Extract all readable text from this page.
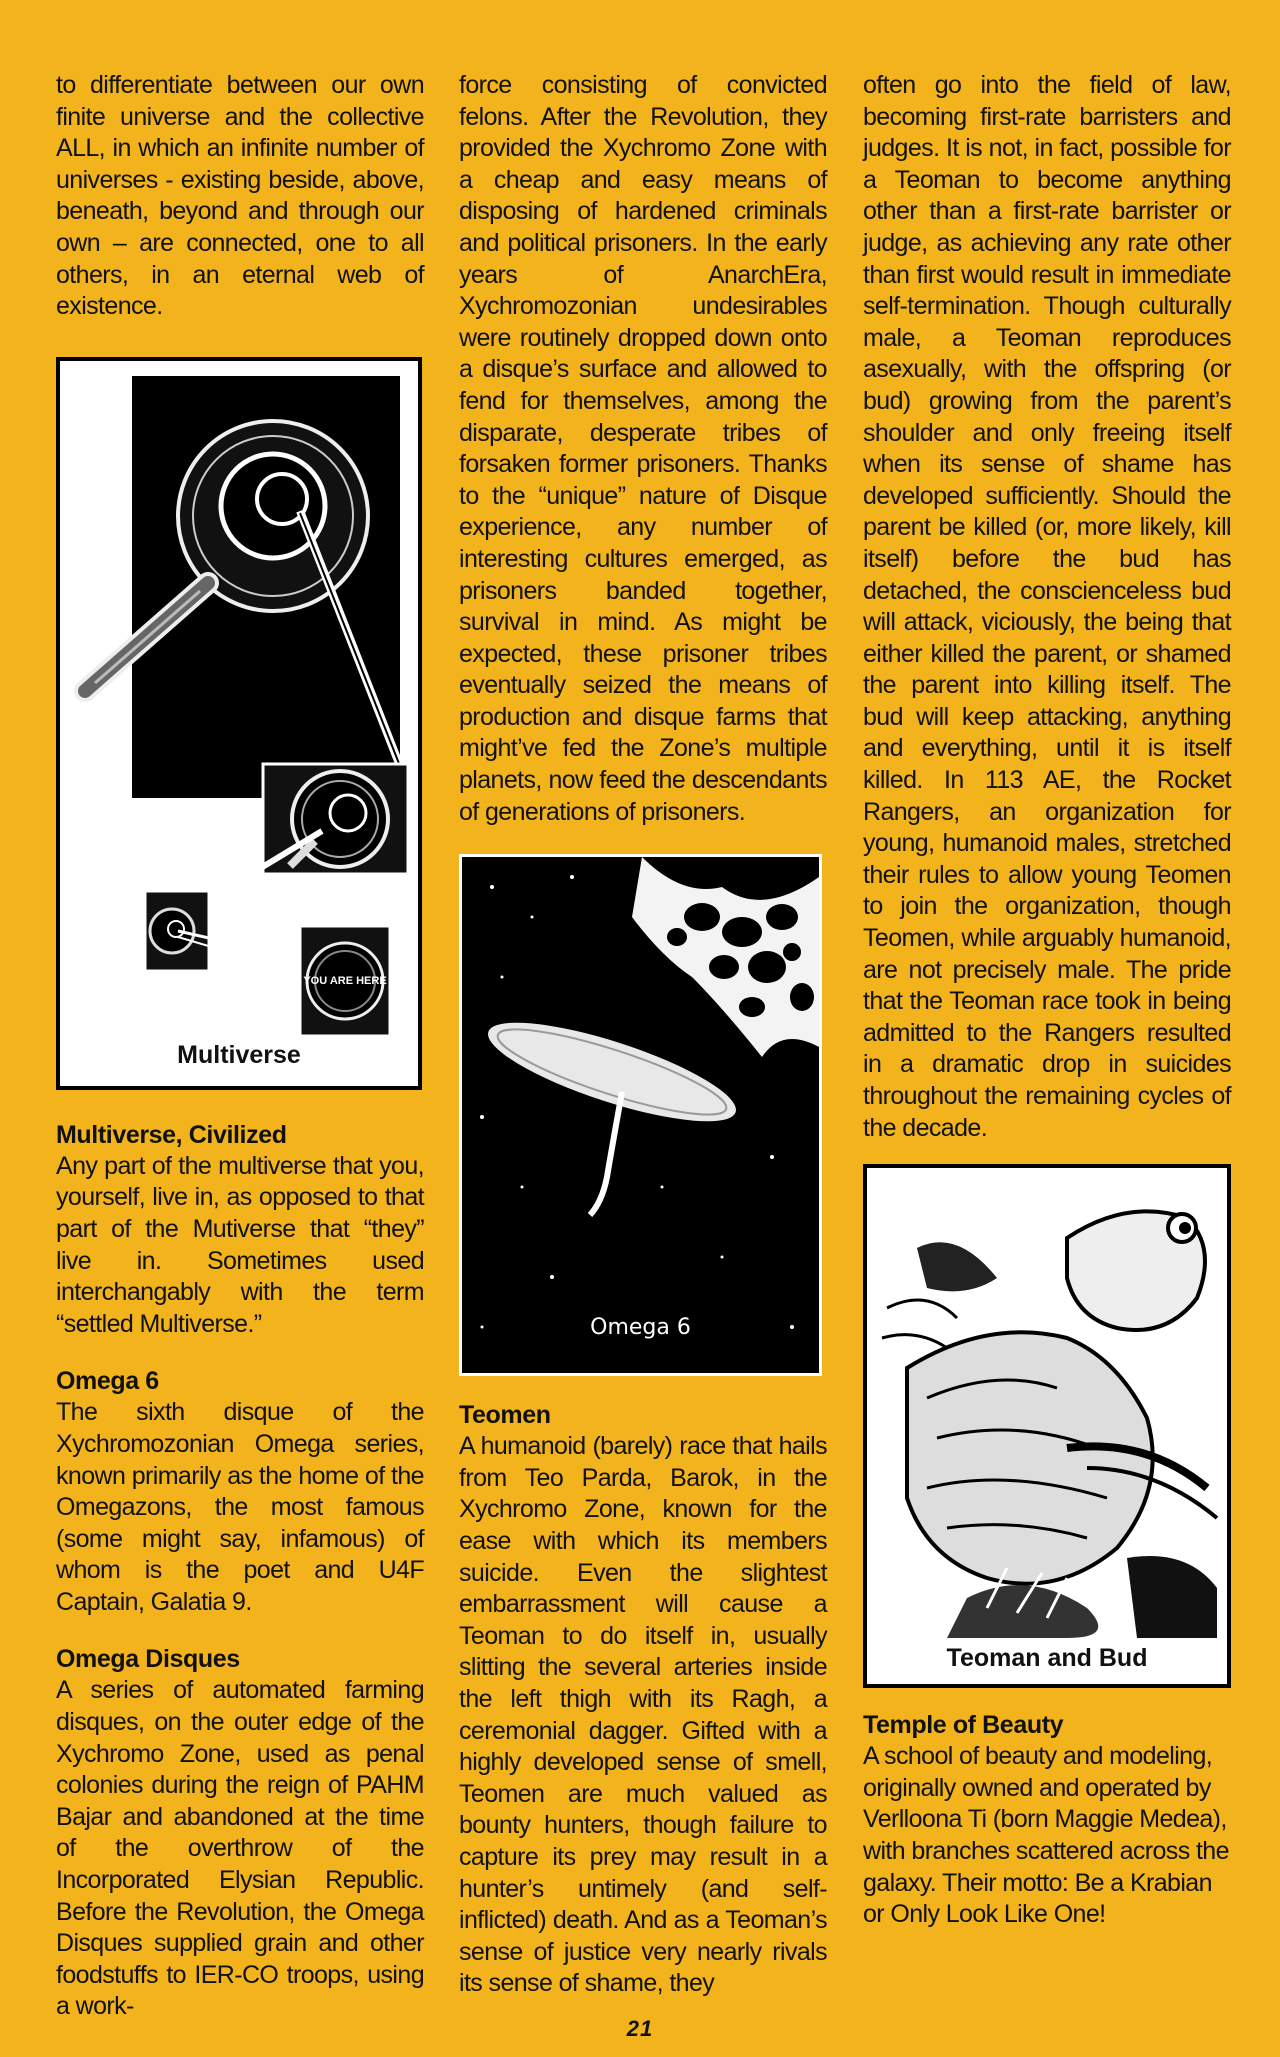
to differentiate between our own finite universe and the collective ALL, in which an infinite number of universes - existing beside, above, beneath, beyond and through our own – are connected, one to all others, in an eternal web of existence.

YOU ARE HERE
Multiverse
Multiverse, Civilized

Any part of the multiverse that you, yourself, live in, as opposed to that part of the Mutiverse that “they” live in. Sometimes used interchangably with the term “settled Multiverse.”

Omega 6

The sixth disque of the Xychromozonian Omega series, known primarily as the home of the Omegazons, the most famous (some might say, infamous) of whom is the poet and U4F Captain, Galatia 9.

Omega Disques

A series of automated farming disques, on the outer edge of the Xychromo Zone, used as penal colonies during the reign of PAHM Bajar and abandoned at the time of the overthrow of the Incorporated Elysian Republic. Before the Revolution, the Omega Disques supplied grain and other foodstuffs to IER-CO troops, using a work-

force consisting of convicted felons. After the Revolution, they provided the Xychromo Zone with a cheap and easy means of disposing of hardened criminals and political prisoners. In the early years of AnarchEra, Xychromozonian undesirables were routinely dropped down onto a disque’s surface and allowed to fend for themselves, among the disparate, desperate tribes of forsaken former prisoners. Thanks to the “unique” nature of Disque experience, any number of interesting cultures emerged, as prisoners banded together, survival in mind. As might be expected, these prisoner tribes eventually seized the means of production and disque farms that might’ve fed the Zone’s multiple planets, now feed the descendants of generations of prisoners.

Omega 6
Teomen

A humanoid (barely) race that hails from Teo Parda, Barok, in the Xychromo Zone, known for the ease with which its members suicide. Even the slightest embarrassment will cause a Teoman to do itself in, usually slitting the several arteries inside the left thigh with its Ragh, a ceremonial dagger. Gifted with a highly developed sense of smell, Teomen are much valued as bounty hunters, though failure to capture its prey may result in a hunter’s untimely (and self-inflicted) death. And as a Teoman’s sense of justice very nearly rivals its sense of shame, they

often go into the field of law, becoming first-rate barristers and judges. It is not, in fact, possible for a Teoman to become anything other than a first-rate barrister or judge, as achieving any rate other than first would result in immediate self-termination. Though culturally male, a Teoman reproduces asexually, with the offspring (or bud) growing from the parent’s shoulder and only freeing itself when its sense of shame has developed sufficiently. Should the parent be killed (or, more likely, kill itself) before the bud has detached, the conscienceless bud will attack, viciously, the being that either killed the parent, or shamed the parent into killing itself. The bud will keep attacking, anything and everything, until it is itself killed. In 113 AE, the Rocket Rangers, an organization for young, humanoid males, stretched their rules to allow young Teomen to join the organization, though Teomen, while arguably humanoid, are not precisely male. The pride that the Teoman race took in being admitted to the Rangers resulted in a dramatic drop in suicides throughout the remaining cycles of the decade.

Teoman and Bud
Temple of Beauty

A school of beauty and modeling, originally owned and operated by Verlloona Ti (born Maggie Medea), with branches scattered across the galaxy. Their motto: Be a Krabian or Only Look Like One!

21
